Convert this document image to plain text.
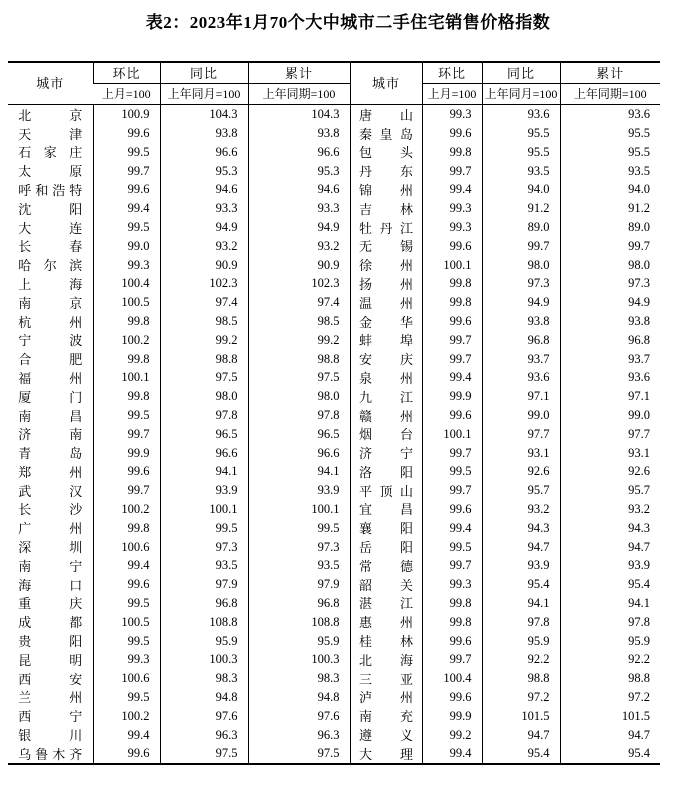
表2：2023年1月70个大中城市二手住宅销售价格指数
城市	环比	同比	累计	城市	环比	同比	累计
	上月=100	上年同月=100	上年同期=100		上月=100	上年同月=100	上年同期=100

北 京	100.9	104.3	104.3	唐 山	99.3	93.6	93.6

天 津	99.6	93.8	93.8	秦 皇 岛	99.6	95.5	95.5

石 家 庄	99.5	96.6	96.6	包 头	99.8	95.5	95.5

太 原	99.7	95.3	95.3	丹 东	99.7	93.5	93.5

呼 和 浩 特	99.6	94.6	94.6	锦 州	99.4	94.0	94.0

沈 阳	99.4	93.3	93.3	吉 林	99.3	91.2	91.2

大 连	99.5	94.9	94.9	牡 丹 江	99.3	89.0	89.0

长 春	99.0	93.2	93.2	无 锡	99.6	99.7	99.7

哈 尔 滨	99.3	90.9	90.9	徐 州	100.1	98.0	98.0

上 海	100.4	102.3	102.3	扬 州	99.8	97.3	97.3

南 京	100.5	97.4	97.4	温 州	99.8	94.9	94.9

杭 州	99.8	98.5	98.5	金 华	99.6	93.8	93.8

宁 波	100.2	99.2	99.2	蚌 埠	99.7	96.8	96.8

合 肥	99.8	98.8	98.8	安 庆	99.7	93.7	93.7

福 州	100.1	97.5	97.5	泉 州	99.4	93.6	93.6

厦 门	99.8	98.0	98.0	九 江	99.9	97.1	97.1

南 昌	99.5	97.8	97.8	赣 州	99.6	99.0	99.0

济 南	99.7	96.5	96.5	烟 台	100.1	97.7	97.7

青 岛	99.9	96.6	96.6	济 宁	99.7	93.1	93.1

郑 州	99.6	94.1	94.1	洛 阳	99.5	92.6	92.6

武 汉	99.7	93.9	93.9	平 顶 山	99.7	95.7	95.7

长 沙	100.2	100.1	100.1	宜 昌	99.6	93.2	93.2

广 州	99.8	99.5	99.5	襄 阳	99.4	94.3	94.3

深 圳	100.6	97.3	97.3	岳 阳	99.5	94.7	94.7

南 宁	99.4	93.5	93.5	常 德	99.7	93.9	93.9

海 口	99.6	97.9	97.9	韶 关	99.3	95.4	95.4

重 庆	99.5	96.8	96.8	湛 江	99.8	94.1	94.1

成 都	100.5	108.8	108.8	惠 州	99.8	97.8	97.8

贵 阳	99.5	95.9	95.9	桂 林	99.6	95.9	95.9

昆 明	99.3	100.3	100.3	北 海	99.7	92.2	92.2

西 安	100.6	98.3	98.3	三 亚	100.4	98.8	98.8

兰 州	99.5	94.8	94.8	泸 州	99.6	97.2	97.2

西 宁	100.2	97.6	97.6	南 充	99.9	101.5	101.5

银 川	99.4	96.3	96.3	遵 义	99.2	94.7	94.7

乌 鲁 木 齐	99.6	97.5	97.5	大 理	99.4	95.4	95.4
